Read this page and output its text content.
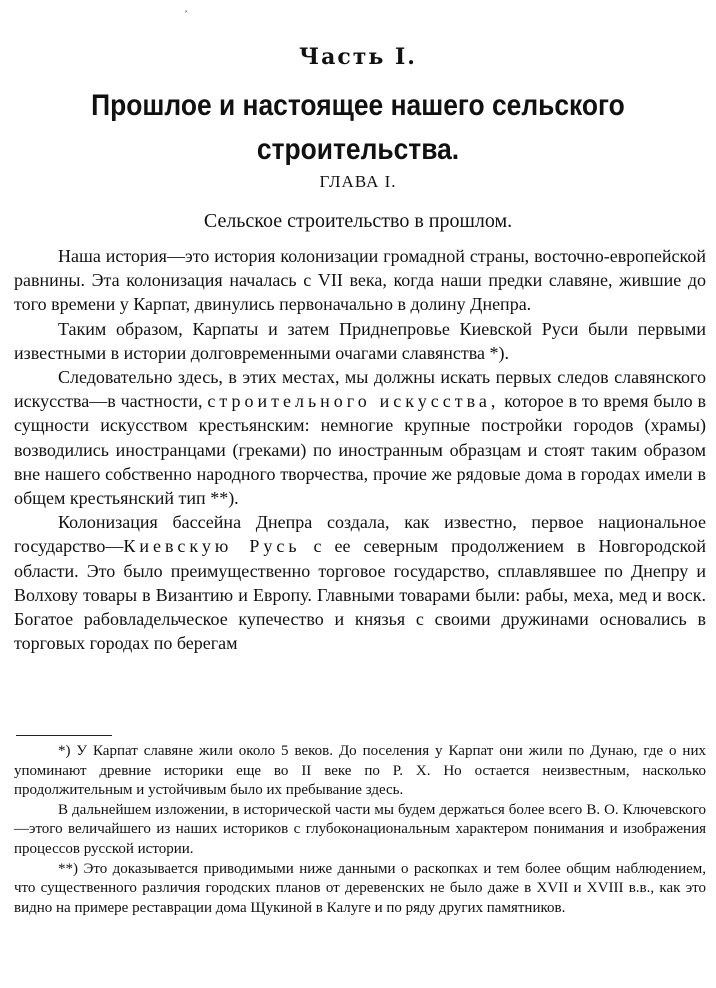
Часть I.
Прошлое и настоящее нашего сельского
строительства.
ГЛАВА I.
Сельское строительство в прошлом.

Наша история—это история колонизации громадной страны, восточно-европейской равнины. Эта колонизация началась с VII века, когда наши предки славяне, жившие до того времени у Карпат, двинулись первоначально в долину Днепра.

Таким образом, Карпаты и затем Приднепровье Киевской Руси были первыми известными в истории долговременными очагами славянства *).

Следовательно здесь, в этих местах, мы должны искать первых следов славянского искусства—в частности, строительного искусства, которое в то время было в сущности искусством крестьянским: немногие крупные постройки городов (храмы) возводились иностранцами (греками) по иностранным образцам и стоят таким образом вне нашего собственно народного творчества, прочие же рядовые дома в городах имели в общем крестьянский тип **).

Колонизация бассейна Днепра создала, как известно, первое национальное государство—Киевскую Русь с ее северным продолжением в Новгородской области. Это было преимущественно торговое государство, сплавлявшее по Днепру и Волхову товары в Византию и Европу. Главными товарами были: рабы, меха, мед и воск. Богатое рабовладельческое купечество и князья с своими дружинами основались в торговых городах по берегам

*) У Карпат славяне жили около 5 веков. До поселения у Карпат они жили по Дунаю, где о них упоминают древние историки еще во II веке по Р. Х. Но остается неизвестным, насколько продолжительным и устойчивым было их пребывание здесь.

В дальнейшем изложении, в исторической части мы будем держаться более всего В. О. Ключевского—этого величайшего из наших историков с глубоконациональным характером понимания и изображения процессов русской истории.

**) Это доказывается приводимыми ниже данными о раскопках и тем более общим наблюдением, что существенного различия городских планов от деревенских не было даже в XVII и XVIII в.в., как это видно на примере реставрации дома Щукиной в Калуге и по ряду других памятников.
